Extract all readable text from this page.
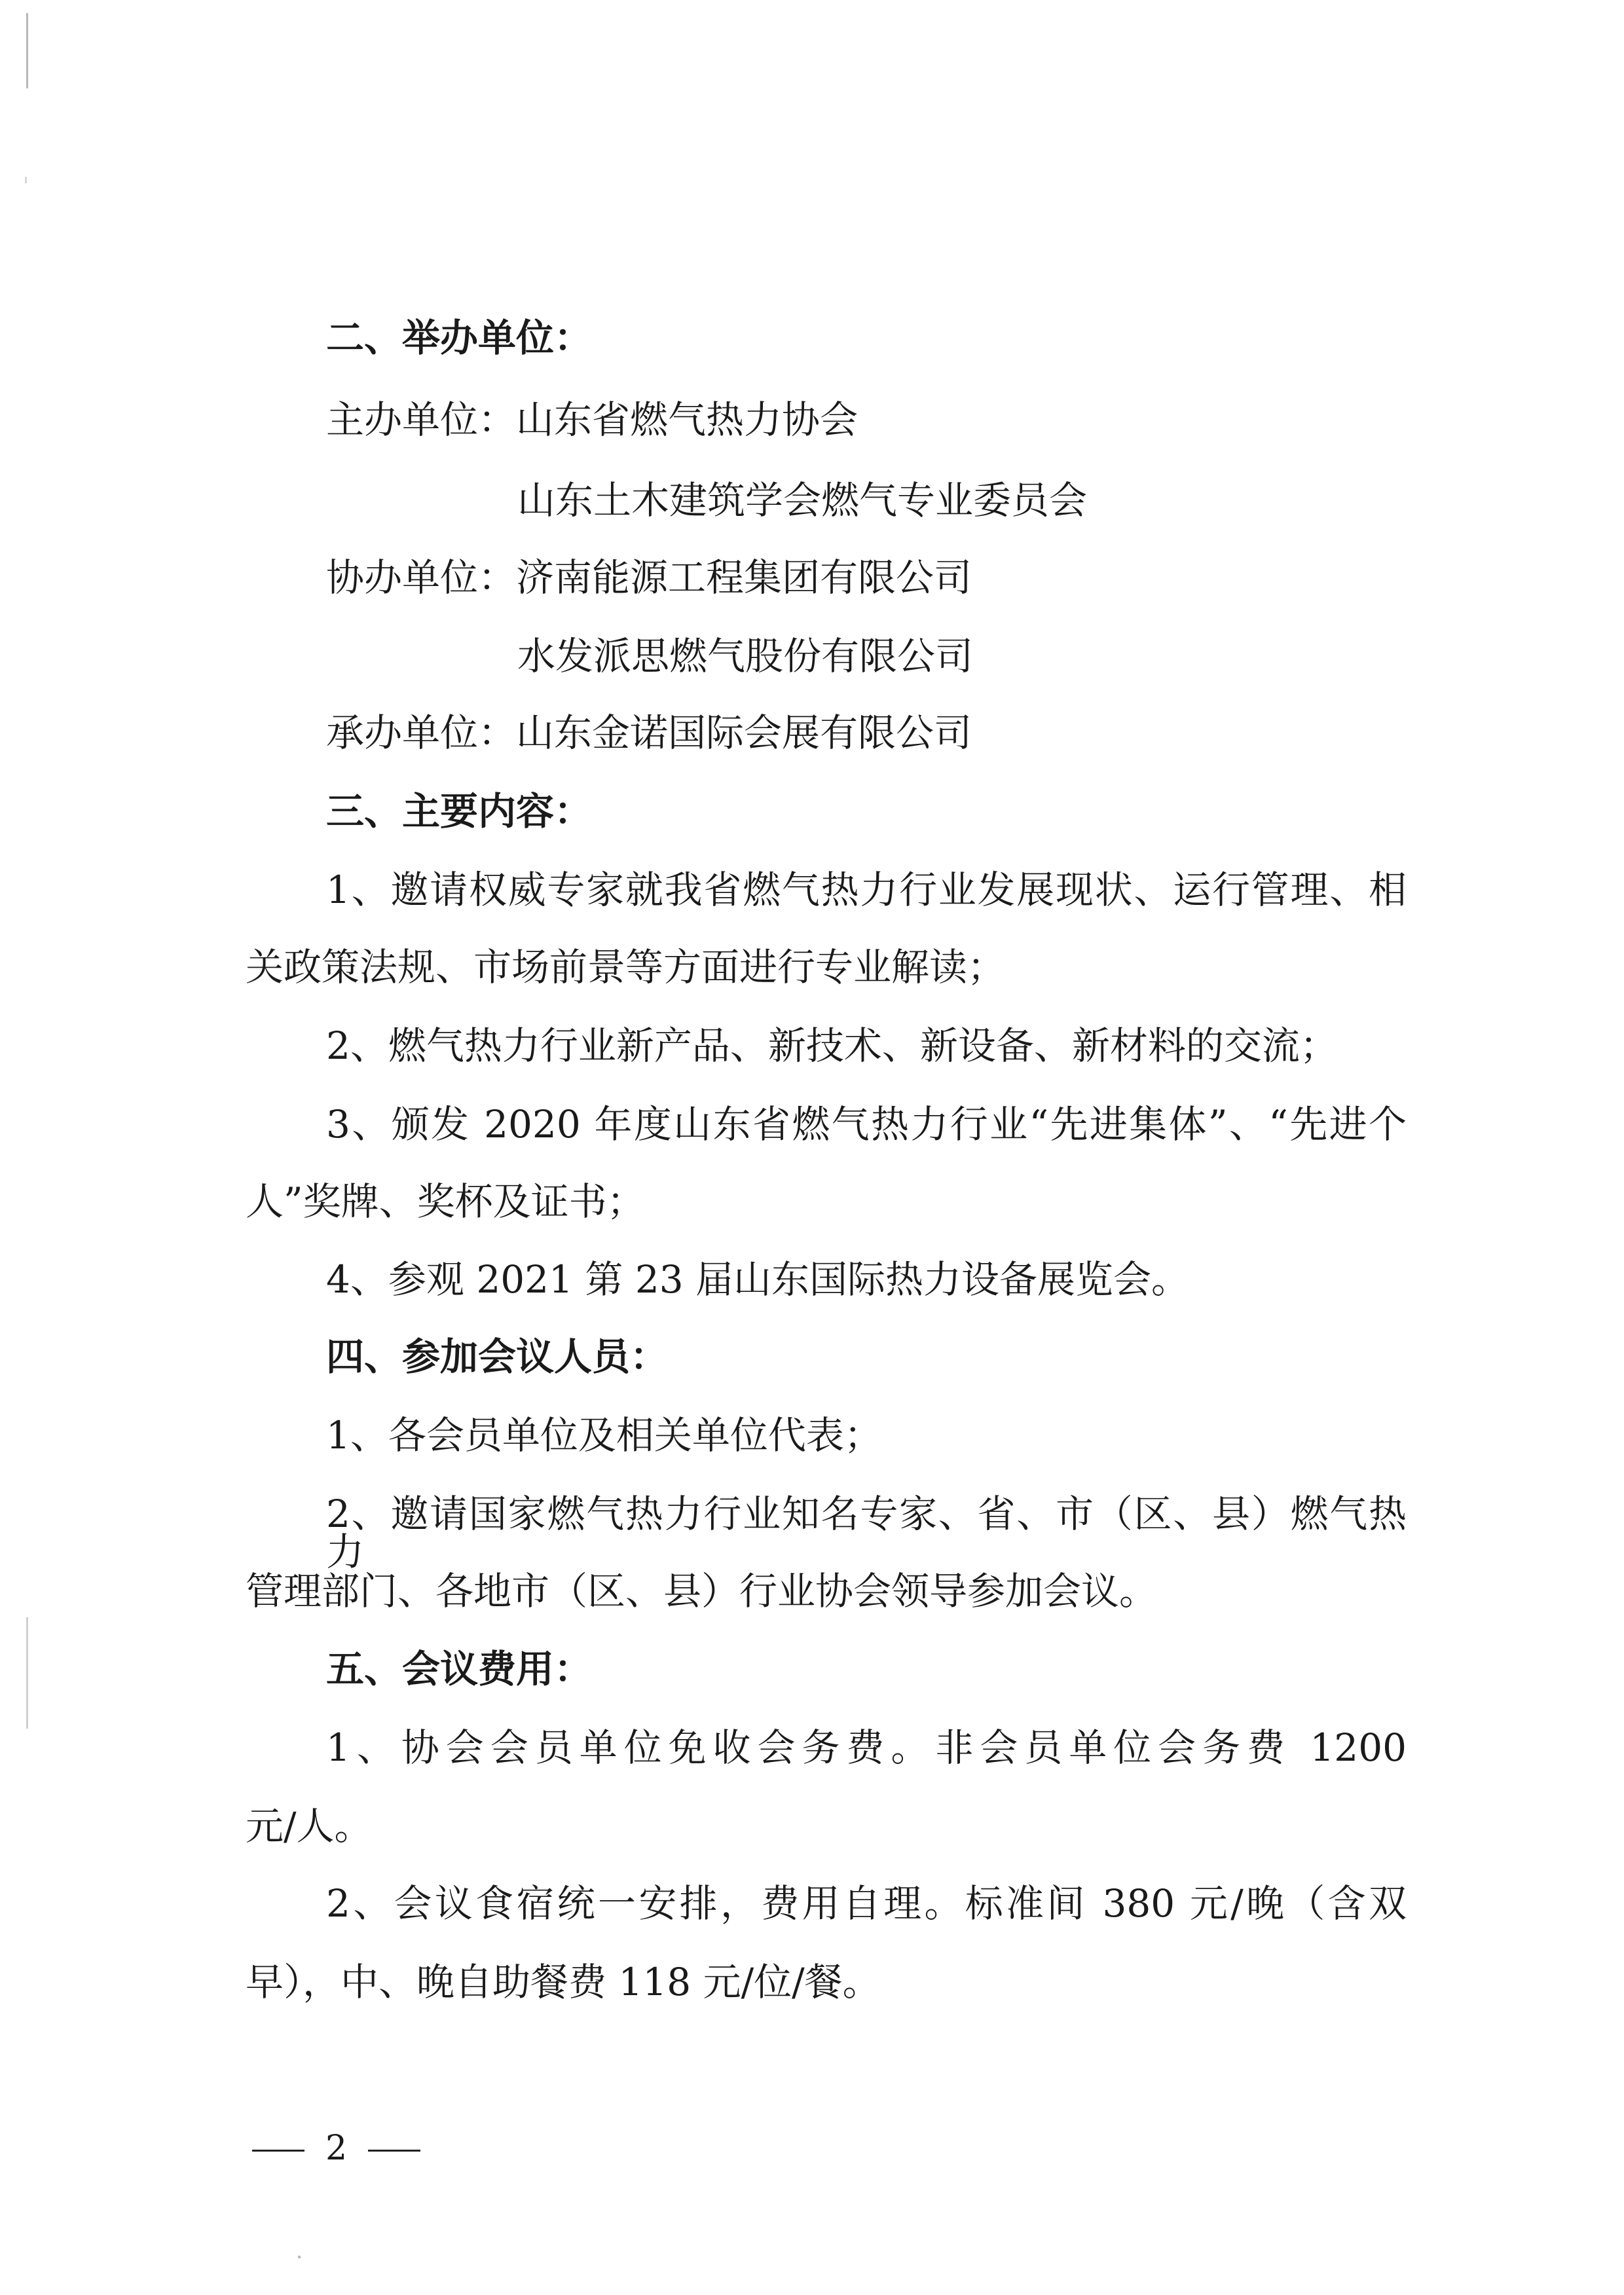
二、举办单位：
主办单位：山东省燃气热力协会
山东土木建筑学会燃气专业委员会
协办单位：济南能源工程集团有限公司
水发派思燃气股份有限公司
承办单位：山东金诺国际会展有限公司
三、主要内容：
1、邀请权威专家就我省燃气热力行业发展现状、运行管理、相
关政策法规、市场前景等方面进行专业解读；
2、燃气热力行业新产品、新技术、新设备、新材料的交流；
3、颁发 2020 年度山东省燃气热力行业“先进集体”、“先进个
人”奖牌、奖杯及证书；
4、参观 2021 第 23 届山东国际热力设备展览会。
四、参加会议人员：
1、各会员单位及相关单位代表；
2、邀请国家燃气热力行业知名专家、省、市（区、县）燃气热力
管理部门、各地市（区、县）行业协会领导参加会议。
五、会议费用：
1、协会会员单位免收会务费。非会员单位会务费 1200
元/人。
2、会议食宿统一安排，费用自理。标准间 380 元/晚（含双
早），中、晚自助餐费 118 元/位/餐。
2
